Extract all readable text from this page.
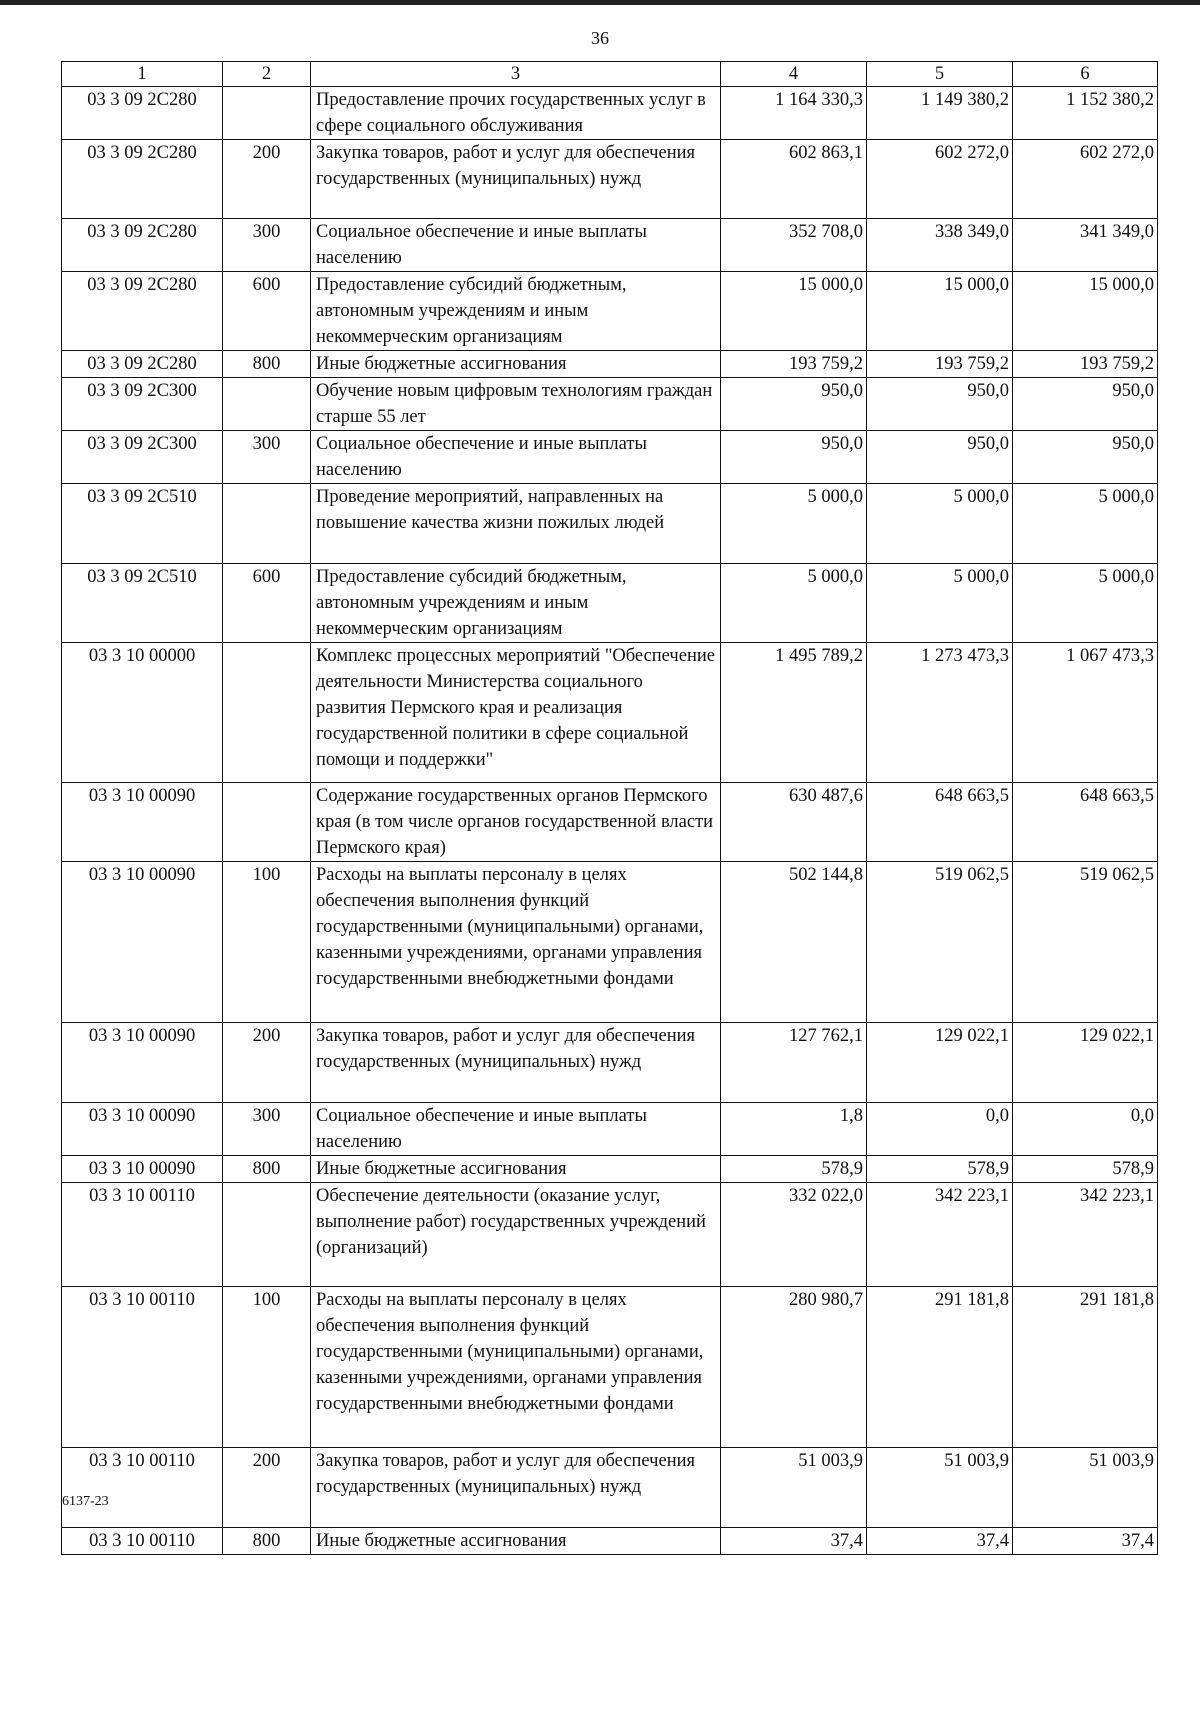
36
1	2	3	4	5	6
03 3 09 2С280		Предоставление прочих государственных услуг в сфере социального обслуживания	1 164 330,3	1 149 380,2	1 152 380,2
03 3 09 2С280	200	Закупка товаров, работ и услуг для обеспечения государственных (муниципальных) нужд	602 863,1	602 272,0	602 272,0
03 3 09 2С280	300	Социальное обеспечение и иные выплаты населению	352 708,0	338 349,0	341 349,0
03 3 09 2С280	600	Предоставление субсидий бюджетным, автономным учреждениям и иным некоммерческим организациям	15 000,0	15 000,0	15 000,0
03 3 09 2С280	800	Иные бюджетные ассигнования	193 759,2	193 759,2	193 759,2
03 3 09 2С300		Обучение новым цифровым технологиям граждан старше 55 лет	950,0	950,0	950,0
03 3 09 2С300	300	Социальное обеспечение и иные выплаты населению	950,0	950,0	950,0
03 3 09 2С510		Проведение мероприятий, направленных на повышение качества жизни пожилых людей	5 000,0	5 000,0	5 000,0
03 3 09 2С510	600	Предоставление субсидий бюджетным, автономным учреждениям и иным некоммерческим организациям	5 000,0	5 000,0	5 000,0
03 3 10 00000		Комплекс процессных мероприятий "Обеспечение деятельности Министерства социального развития Пермского края и реализация государственной политики в сфере социальной помощи и поддержки"	1 495 789,2	1 273 473,3	1 067 473,3
03 3 10 00090		Содержание государственных органов Пермского края (в том числе органов государственной власти Пермского края)	630 487,6	648 663,5	648 663,5
03 3 10 00090	100	Расходы на выплаты персоналу в целях обеспечения выполнения функций государственными (муниципальными) органами, казенными учреждениями, органами управления государственными внебюджетными фондами	502 144,8	519 062,5	519 062,5
03 3 10 00090	200	Закупка товаров, работ и услуг для обеспечения государственных (муниципальных) нужд	127 762,1	129 022,1	129 022,1
03 3 10 00090	300	Социальное обеспечение и иные выплаты населению	1,8	0,0	0,0
03 3 10 00090	800	Иные бюджетные ассигнования	578,9	578,9	578,9
03 3 10 00110		Обеспечение деятельности (оказание услуг, выполнение работ) государственных учреждений (организаций)	332 022,0	342 223,1	342 223,1
03 3 10 00110	100	Расходы на выплаты персоналу в целях обеспечения выполнения функций государственными (муниципальными) органами, казенными учреждениями, органами управления государственными внебюджетными фондами	280 980,7	291 181,8	291 181,8
03 3 10 00110	200	Закупка товаров, работ и услуг для обеспечения государственных (муниципальных) нужд	51 003,9	51 003,9	51 003,9
03 3 10 00110	800	Иные бюджетные ассигнования	37,4	37,4	37,4
6137-23
